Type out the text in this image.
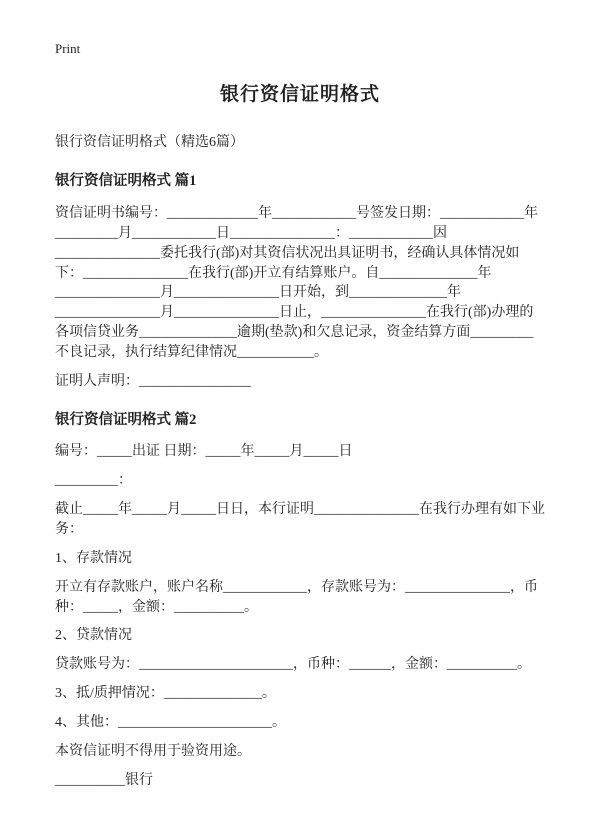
Print
银行资信证明格式

银行资信证明格式（精选6篇）

银行资信证明格式 篇1

资信证明书编号：_____________年____________号签发日期：____________年_________月____________日_______________：____________因_______________委托我行(部)对其资信状况出具证明书，经确认具体情况如下：_______________在我行(部)开立有结算账户。自______________年_______________月_______________日开始，到______________年_______________月_______________日止，_______________在我行(部)办理的各项信贷业务______________逾期(垫款)和欠息记录，资金结算方面_________不良记录，执行结算纪律情况___________。

证明人声明：________________

银行资信证明格式 篇2

编号：_____出证 日期：_____年_____月_____日

_________：

截止_____年_____月_____日日，本行证明_______________在我行办理有如下业务：

1、存款情况

开立有存款账户，账户名称____________，存款账号为：_______________，币种：_____，金额：__________。

2、贷款情况

贷款账号为：______________________，币种：______，金额：__________。

3、抵/质押情况：______________。

4、其他：______________________。

本资信证明不得用于验资用途。

__________银行
